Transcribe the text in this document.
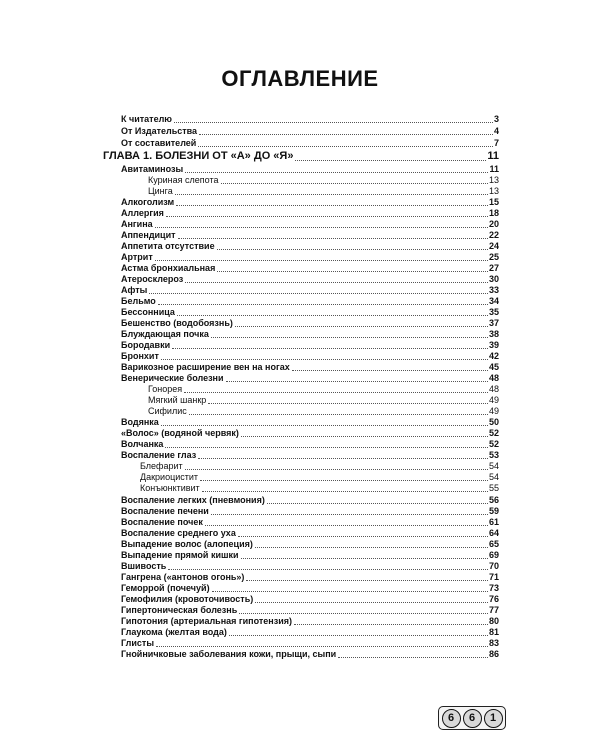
ОГЛАВЛЕНИЕ
К читателю	3
От Издательства	4
От составителей	7
ГЛАВА 1. БОЛЕЗНИ ОТ «А» ДО «Я»	11
Авитаминозы	11
Куриная слепота	13
Цинга	13
Алкоголизм	15
Аллергия	18
Ангина	20
Аппендицит	22
Аппетита отсутствие	24
Артрит	25
Астма бронхиальная	27
Атеросклероз	30
Афты	33
Бельмо	34
Бессонница	35
Бешенство (водобоязнь)	37
Блуждающая почка	38
Бородавки	39
Бронхит	42
Варикозное расширение вен на ногах	45
Венерические болезни	48
Гонорея	48
Мягкий шанкр	49
Сифилис	49
Водянка	50
«Волос» (водяной червяк)	52
Волчанка	52
Воспаление глаз	53
Блефарит	54
Дакриоцистит	54
Конъюнктивит	55
Воспаление легких (пневмония)	56
Воспаление печени	59
Воспаление почек	61
Воспаление среднего уха	64
Выпадение волос (алопеция)	65
Выпадение прямой кишки	69
Вшивость	70
Гангрена («антонов огонь»)	71
Геморрой (почечуй)	73
Гемофилия (кровоточивость)	76
Гипертоническая болезнь	77
Гипотония (артериальная гипотензия)	80
Глаукома (желтая вода)	81
Глисты	83
Гнойничковые заболевания кожи, прыщи, сыпи	86
6	6	1
